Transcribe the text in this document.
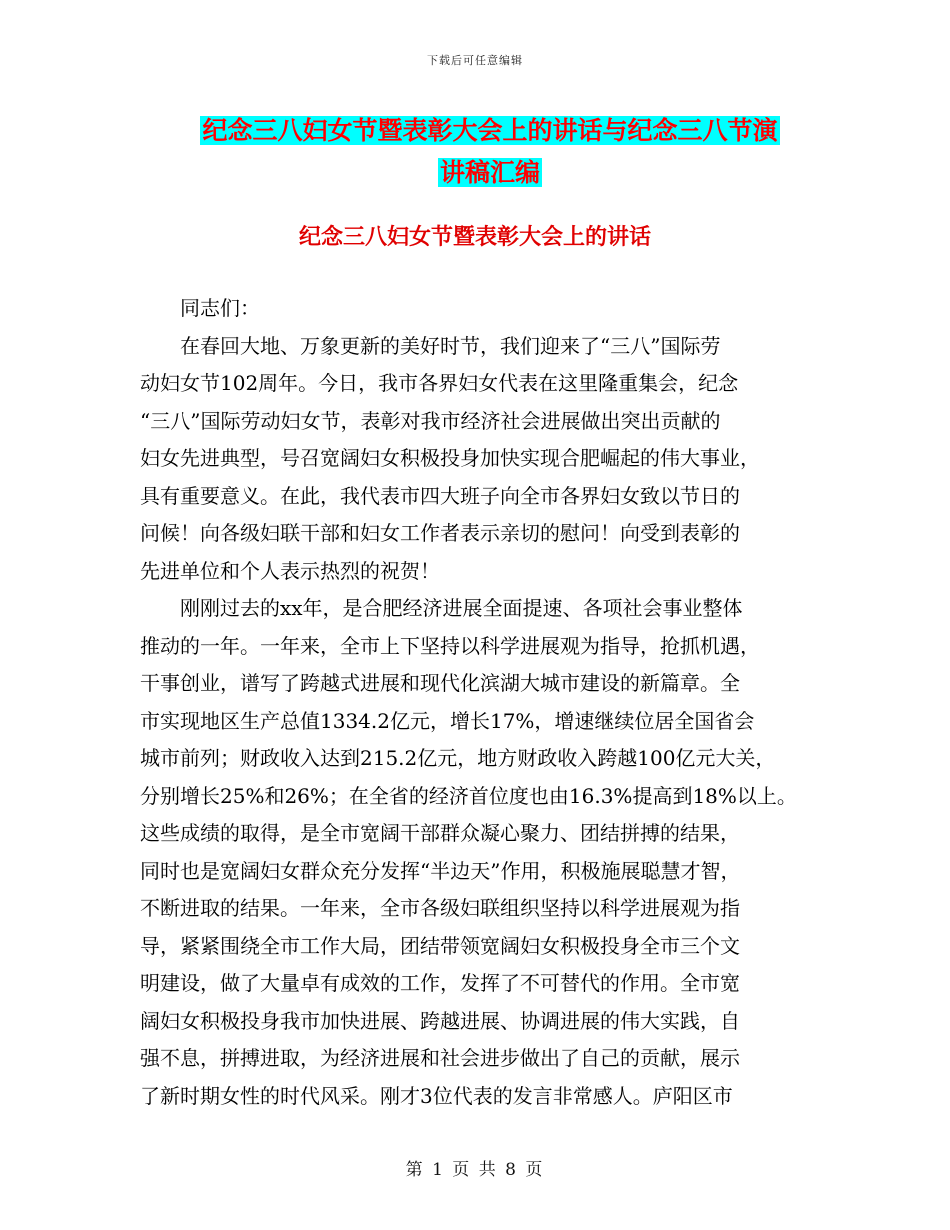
下载后可任意编辑
纪念三八妇女节暨表彰大会上的讲话与纪念三八节演
讲稿汇编
纪念三八妇女节暨表彰大会上的讲话
　　同志们：
　　在春回大地、万象更新的美好时节，我们迎来了“三八”国际劳
动妇女节102周年。今日，我市各界妇女代表在这里隆重集会，纪念
“三八”国际劳动妇女节，表彰对我市经济社会进展做出突出贡献的
妇女先进典型，号召宽阔妇女积极投身加快实现合肥崛起的伟大事业，
具有重要意义。在此，我代表市四大班子向全市各界妇女致以节日的
问候！向各级妇联干部和妇女工作者表示亲切的慰问！向受到表彰的
先进单位和个人表示热烈的祝贺！
　　刚刚过去的xx年，是合肥经济进展全面提速、各项社会事业整体
推动的一年。一年来，全市上下坚持以科学进展观为指导，抢抓机遇，
干事创业，谱写了跨越式进展和现代化滨湖大城市建设的新篇章。全
市实现地区生产总值1334.2亿元，增长17%，增速继续位居全国省会
城市前列；财政收入达到215.2亿元，地方财政收入跨越100亿元大关，
分别增长25%和26%；在全省的经济首位度也由16.3%提高到18%以上。
这些成绩的取得，是全市宽阔干部群众凝心聚力、团结拼搏的结果，
同时也是宽阔妇女群众充分发挥“半边天”作用，积极施展聪慧才智，
不断进取的结果。一年来，全市各级妇联组织坚持以科学进展观为指
导，紧紧围绕全市工作大局，团结带领宽阔妇女积极投身全市三个文
明建设，做了大量卓有成效的工作，发挥了不可替代的作用。全市宽
阔妇女积极投身我市加快进展、跨越进展、协调进展的伟大实践，自
强不息，拼搏进取，为经济进展和社会进步做出了自己的贡献，展示
了新时期女性的时代风采。刚才3位代表的发言非常感人。庐阳区市
第 1 页 共 8 页
